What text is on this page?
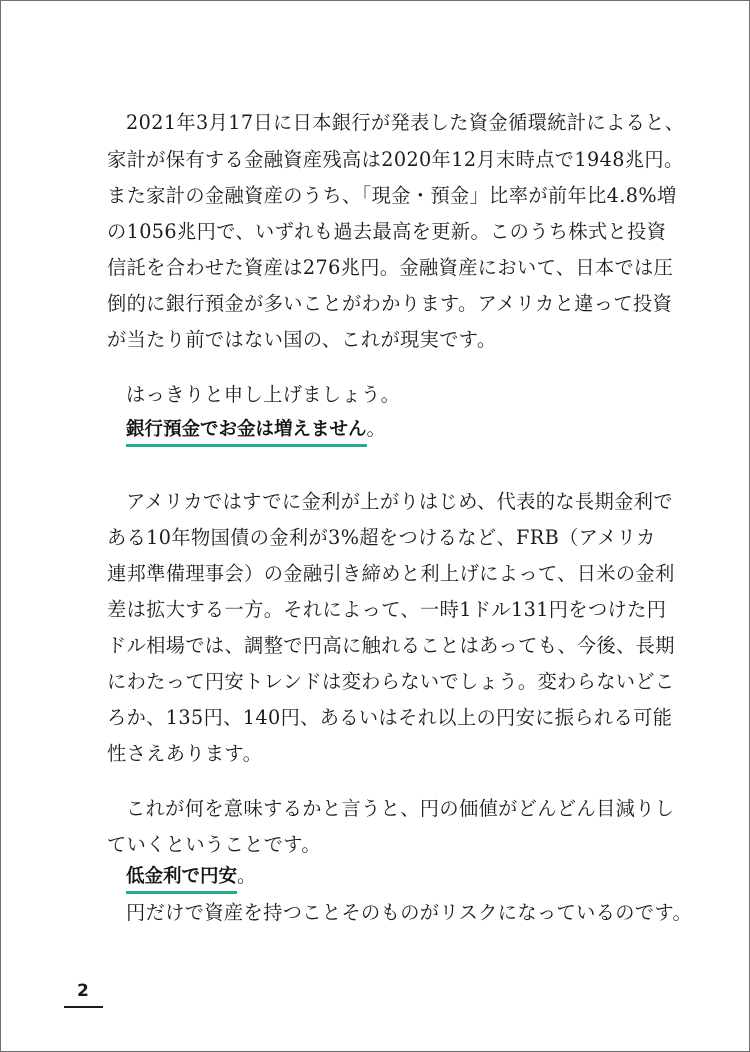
2021年3月17日に日本銀行が発表した資金循環統計によると、
家計が保有する金融資産残高は2020年12月末時点で1948兆円。
また家計の金融資産のうち、「現金・預金」比率が前年比4.8%増
の1056兆円で、いずれも過去最高を更新。このうち株式と投資
信託を合わせた資産は276兆円。金融資産において、日本では圧
倒的に銀行預金が多いことがわかります。アメリカと違って投資
が当たり前ではない国の、これが現実です。
はっきりと申し上げましょう。
銀行預金でお金は増えません。
アメリカではすでに金利が上がりはじめ、代表的な長期金利で
ある10年物国債の金利が3%超をつけるなど、FRB（アメリカ
連邦準備理事会）の金融引き締めと利上げによって、日米の金利
差は拡大する一方。それによって、一時1ドル131円をつけた円
ドル相場では、調整で円高に触れることはあっても、今後、長期
にわたって円安トレンドは変わらないでしょう。変わらないどこ
ろか、135円、140円、あるいはそれ以上の円安に振られる可能
性さえあります。
これが何を意味するかと言うと、円の価値がどんどん目減りし
ていくということです。
低金利で円安。
円だけで資産を持つことそのものがリスクになっているのです。
2
